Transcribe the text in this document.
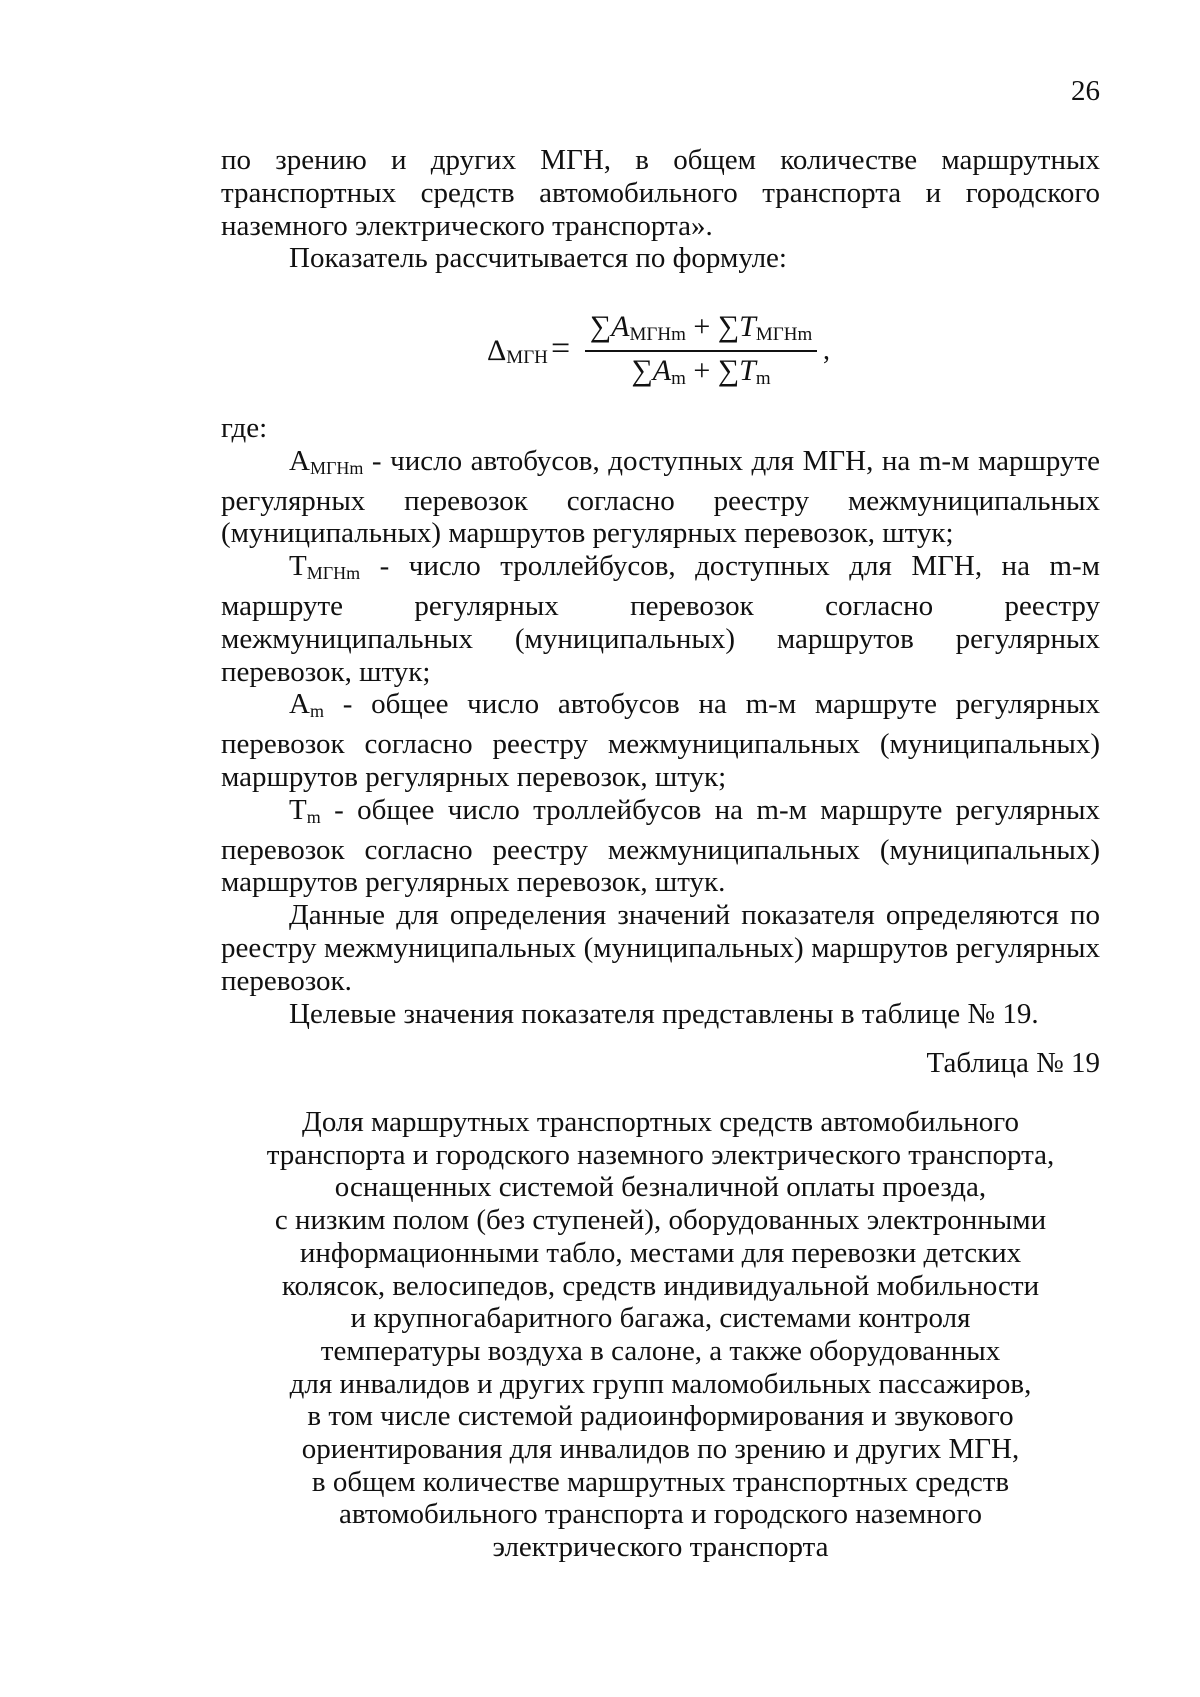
26

по зрению и других МГН, в общем количестве маршрутных транспортных средств автомобильного транспорта и городского наземного электрического транспорта».

Показатель рассчитывается по формуле:

ΔМГН =
$\sum A_{МГНm} + \sum T_{МГНm}$
$\sum A_m + \sum T_m$
,

где:

АМГНm - число автобусов, доступных для МГН, на m-м маршруте регулярных перевозок согласно реестру межмуниципальных (муниципальных) маршрутов регулярных перевозок, штук;

ТМГНm - число троллейбусов, доступных для МГН, на m-м маршруте регулярных перевозок согласно реестру межмуниципальных (муниципальных) маршрутов регулярных перевозок, штук;

Аm - общее число автобусов на m-м маршруте регулярных перевозок согласно реестру межмуниципальных (муниципальных) маршрутов регулярных перевозок, штук;

Тm - общее число троллейбусов на m-м маршруте регулярных перевозок согласно реестру межмуниципальных (муниципальных) маршрутов регулярных перевозок, штук.

Данные для определения значений показателя определяются по реестру межмуниципальных (муниципальных) маршрутов регулярных перевозок.

Целевые значения показателя представлены в таблице № 19.

Таблица № 19
Доля маршрутных транспортных средств автомобильного
транспорта и городского наземного электрического транспорта,
оснащенных системой безналичной оплаты проезда,
с низким полом (без ступеней), оборудованных электронными
информационными табло, местами для перевозки детских
колясок, велосипедов, средств индивидуальной мобильности
и крупногабаритного багажа, системами контроля
температуры воздуха в салоне, а также оборудованных
для инвалидов и других групп маломобильных пассажиров,
в том числе системой радиоинформирования и звукового
ориентирования для инвалидов по зрению и других МГН,
в общем количестве маршрутных транспортных средств
автомобильного транспорта и городского наземного
электрического транспорта
